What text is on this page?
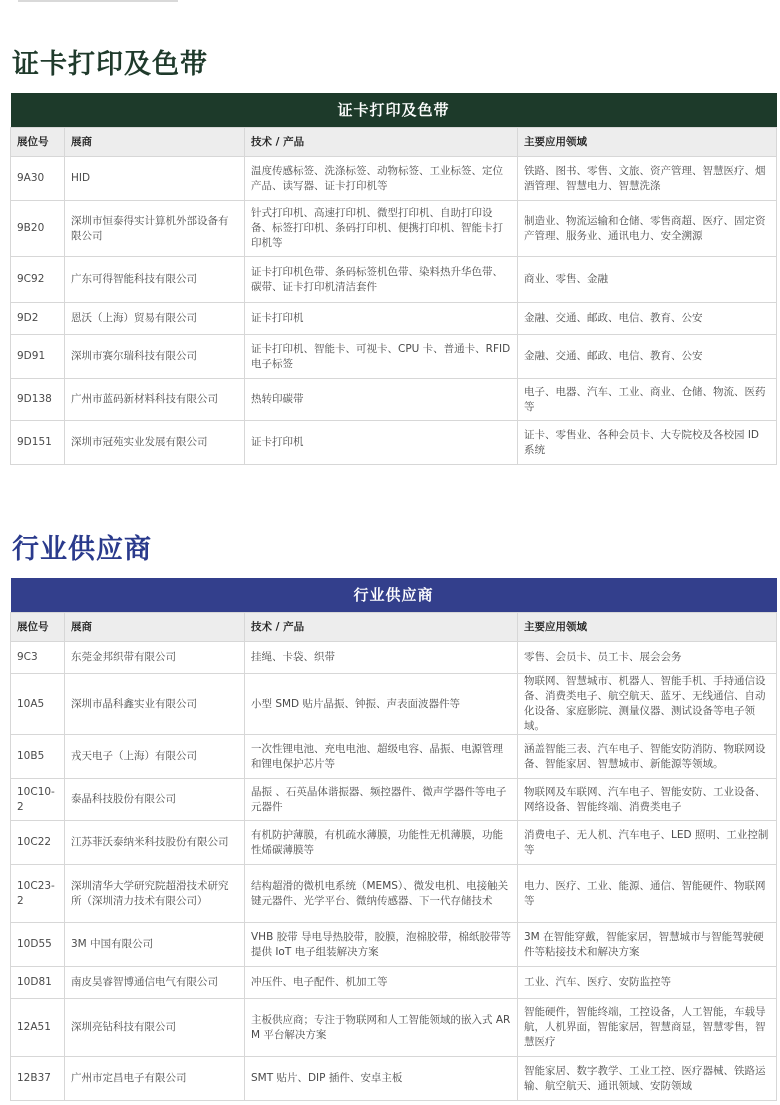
证卡打印及色带
证卡打印及色带			
展位号	展商	技术 / 产品	主要应用领域
9A30	HID	温度传感标签、洗涤标签、动物标签、工业标签、定位产品、读写器、证卡打印机等	铁路、图书、零售、文旅、资产管理、智慧医疗、烟酒管理、智慧电力、智慧洗涤
9B20	深圳市恒泰得实计算机外部设备有限公司	针式打印机、高速打印机、微型打印机、自助打印设备、标签打印机、条码打印机、便携打印机、智能卡打印机等	制造业、物流运输和仓储、零售商超、医疗、固定资产管理、服务业、通讯电力、安全溯源
9C92	广东可得智能科技有限公司	证卡打印机色带、条码标签机色带、染料热升华色带、碳带、证卡打印机清洁套件	商业、零售、金融
9D2	恩沃（上海）贸易有限公司	证卡打印机	金融、交通、邮政、电信、教育、公安
9D91	深圳市赛尔瑞科技有限公司	证卡打印机、智能卡、可视卡、CPU 卡、普通卡、RFID 电子标签	金融、交通、邮政、电信、教育、公安
9D138	广州市蓝码新材料科技有限公司	热转印碳带	电子、电器、汽车、工业、商业、仓储、物流、医药等
9D151	深圳市冠苑实业发展有限公司	证卡打印机	证卡、零售业、各种会员卡、大专院校及各校园 ID 系统
行业供应商
行业供应商			
展位号	展商	技术 / 产品	主要应用领域
9C3	东莞金邦织带有限公司	挂绳、卡袋、织带	零售、会员卡、员工卡、展会会务
10A5	深圳市晶科鑫实业有限公司	小型 SMD 贴片晶振、钟振、声表面波器件等	物联网、智慧城市、机器人、智能手机、手持通信设备、消费类电子、航空航天、蓝牙、无线通信、自动化设备、家庭影院、测量仪器、测试设备等电子领域。
10B5	戎天电子（上海）有限公司	一次性锂电池、充电电池、超级电容、晶振、电源管理和锂电保护芯片等	涵盖智能三表、汽车电子、智能安防消防、物联网设备、智能家居、智慧城市、新能源等领域。
10C10-2	泰晶科技股份有限公司	晶振 、石英晶体谐振器、频控器件、微声学器件等电子元器件	物联网及车联网、汽车电子、智能安防、工业设备、网络设备、智能终端、消费类电子
10C22	江苏菲沃泰纳米科技股份有限公司	有机防护薄膜，有机疏水薄膜，功能性无机薄膜，功能性烯碳薄膜等	消费电子、无人机、汽车电子、LED 照明、工业控制等
10C23-2	深圳清华大学研究院超滑技术研究所（深圳清力技术有限公司）	结构超滑的微机电系统（MEMS）、微发电机、电接触关键元器件、光学平台、微纳传感器、下一代存储技术	电力、医疗、工业、能源、通信、智能硬件、物联网等
10D55	3M 中国有限公司	VHB 胶带 导电导热胶带，胶膜，泡棉胶带，棉纸胶带等 提供 IoT 电子组装解决方案	3M 在智能穿戴，智能家居，智慧城市与智能驾驶硬件等粘接技术和解决方案
10D81	南皮昊睿智博通信电气有限公司	冲压件、电子配件、机加工等	工业、汽车、医疗、安防监控等
12A51	深圳亮钻科技有限公司	主板供应商；专注于物联网和人工智能领域的嵌入式 ARM 平台解决方案	智能硬件，智能终端，工控设备，人工智能，车载导航，人机界面，智能家居，智慧商显，智慧零售，智慧医疗
12B37	广州市定昌电子有限公司	SMT 贴片、DIP 插件、安卓主板	智能家居、数字教学、工业工控、医疗器械、铁路运输、航空航天、通讯领域、安防领域
